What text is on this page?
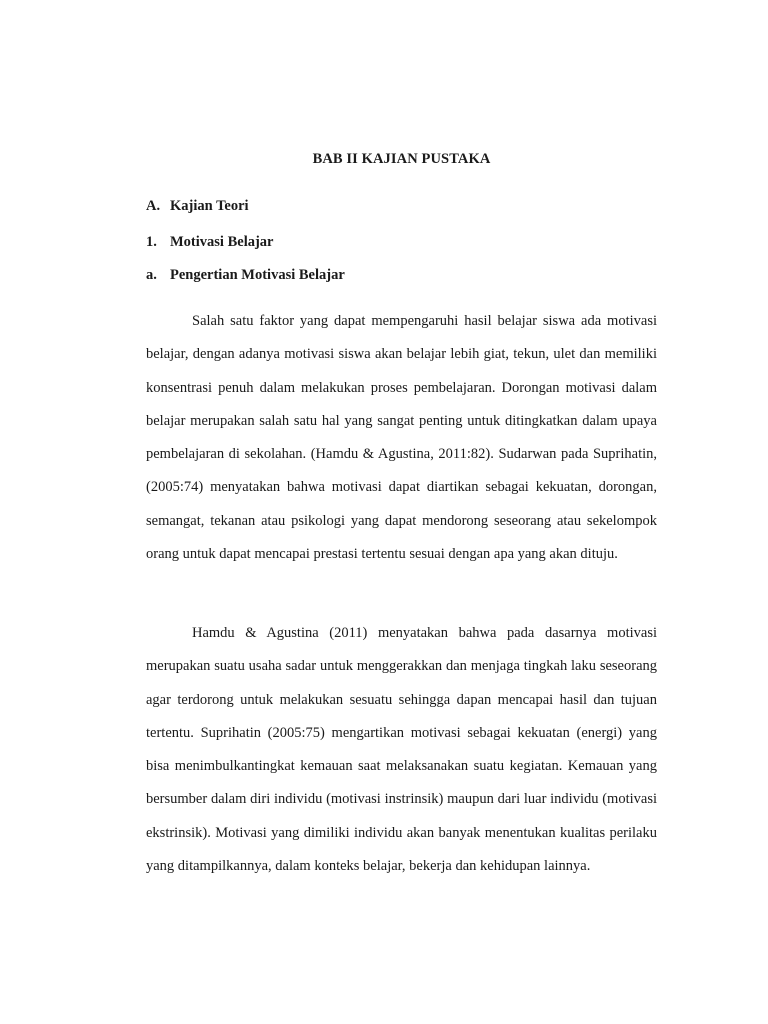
BAB II KAJIAN PUSTAKA
A. Kajian Teori
1. Motivasi Belajar
a. Pengertian Motivasi Belajar

Salah satu faktor yang dapat mempengaruhi hasil belajar siswa ada motivasi belajar, dengan adanya motivasi siswa akan belajar lebih giat, tekun, ulet dan memiliki konsentrasi penuh dalam melakukan proses pembelajaran. Dorongan motivasi dalam belajar merupakan salah satu hal yang sangat penting untuk ditingkatkan dalam upaya pembelajaran di sekolahan. (Hamdu & Agustina, 2011:82). Sudarwan pada Suprihatin, (2005:74) menyatakan bahwa motivasi dapat diartikan sebagai kekuatan, dorongan, semangat, tekanan atau psikologi yang dapat mendorong seseorang atau sekelompok orang untuk dapat mencapai prestasi tertentu sesuai dengan apa yang akan dituju.

Hamdu & Agustina (2011) menyatakan bahwa pada dasarnya motivasi merupakan suatu usaha sadar untuk menggerakkan dan menjaga tingkah laku seseorang agar terdorong untuk melakukan sesuatu sehingga dapan mencapai hasil dan tujuan tertentu. Suprihatin (2005:75) mengartikan motivasi sebagai kekuatan (energi) yang bisa menimbulkantingkat kemauan saat melaksanakan suatu kegiatan. Kemauan yang bersumber dalam diri individu (motivasi instrinsik) maupun dari luar individu (motivasi ekstrinsik). Motivasi yang dimiliki individu akan banyak menentukan kualitas perilaku yang ditampilkannya, dalam konteks belajar, bekerja dan kehidupan lainnya.
